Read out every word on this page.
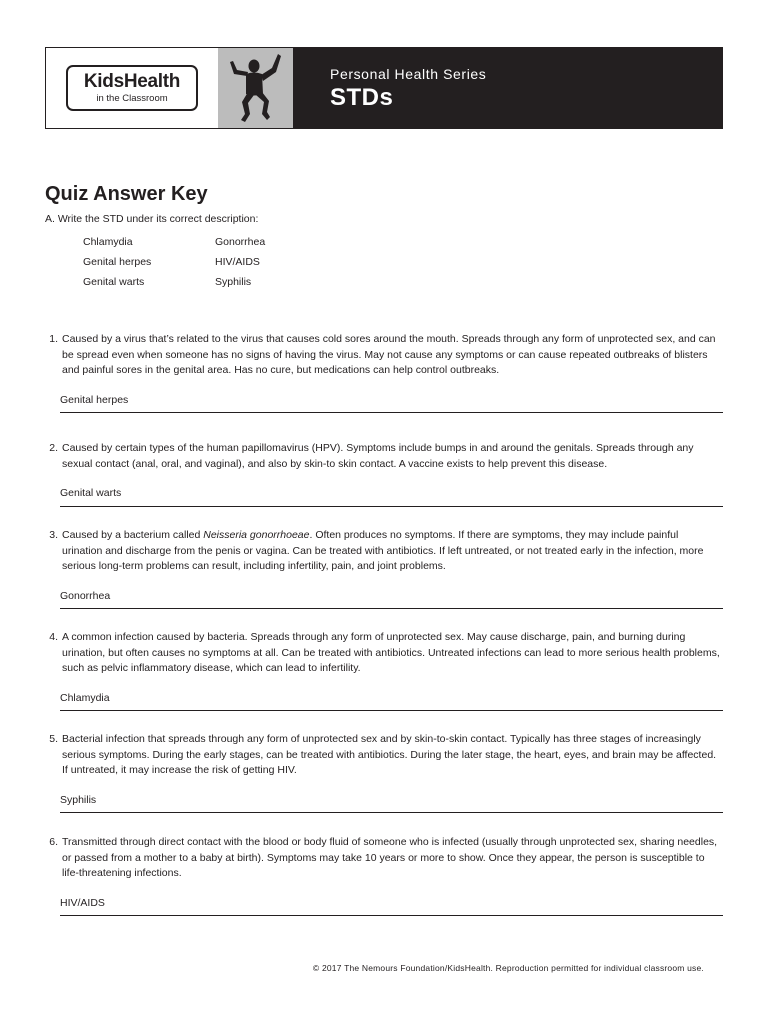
KidsHealth
in the Classroom
Personal Health Series
STDs
Quiz Answer Key

A. Write the STD under its correct description:

Chlamydia	Gonorrhea
Genital herpes	HIV/AIDS
Genital warts	Syphilis
1. Caused by a virus that’s related to the virus that causes cold sores around the mouth. Spreads through any form of unprotected sex, and can be spread even when someone has no signs of having the virus. May not cause any symptoms or can cause repeated outbreaks of blisters and painful sores in the genital area. Has no cure, but medications can help control outbreaks.
Genital herpes
2. Caused by certain types of the human papillomavirus (HPV). Symptoms include bumps in and around the genitals. Spreads through any sexual contact (anal, oral, and vaginal), and also by skin-to skin contact. A vaccine exists to help prevent this disease.
Genital warts
3. Caused by a bacterium called Neisseria gonorrhoeae. Often produces no symptoms. If there are symptoms, they may include painful urination and discharge from the penis or vagina. Can be treated with antibiotics. If left untreated, or not treated early in the infection, more serious long-term problems can result, including infertility, pain, and joint problems.
Gonorrhea
4. A common infection caused by bacteria. Spreads through any form of unprotected sex. May cause discharge, pain, and burning during urination, but often causes no symptoms at all. Can be treated with antibiotics. Untreated infections can lead to more serious health problems, such as pelvic inflammatory disease, which can lead to infertility.
Chlamydia
5. Bacterial infection that spreads through any form of unprotected sex and by skin-to-skin contact. Typically has three stages of increasingly serious symptoms. During the early stages, can be treated with antibiotics. During the later stage, the heart, eyes, and brain may be affected. If untreated, it may increase the risk of getting HIV.
Syphilis
6. Transmitted through direct contact with the blood or body fluid of someone who is infected (usually through unprotected sex, sharing needles, or passed from a mother to a baby at birth). Symptoms may take 10 years or more to show. Once they appear, the person is susceptible to life-threatening infections.
HIV/AIDS
© 2017 The Nemours Foundation/KidsHealth. Reproduction permitted for individual classroom use.
